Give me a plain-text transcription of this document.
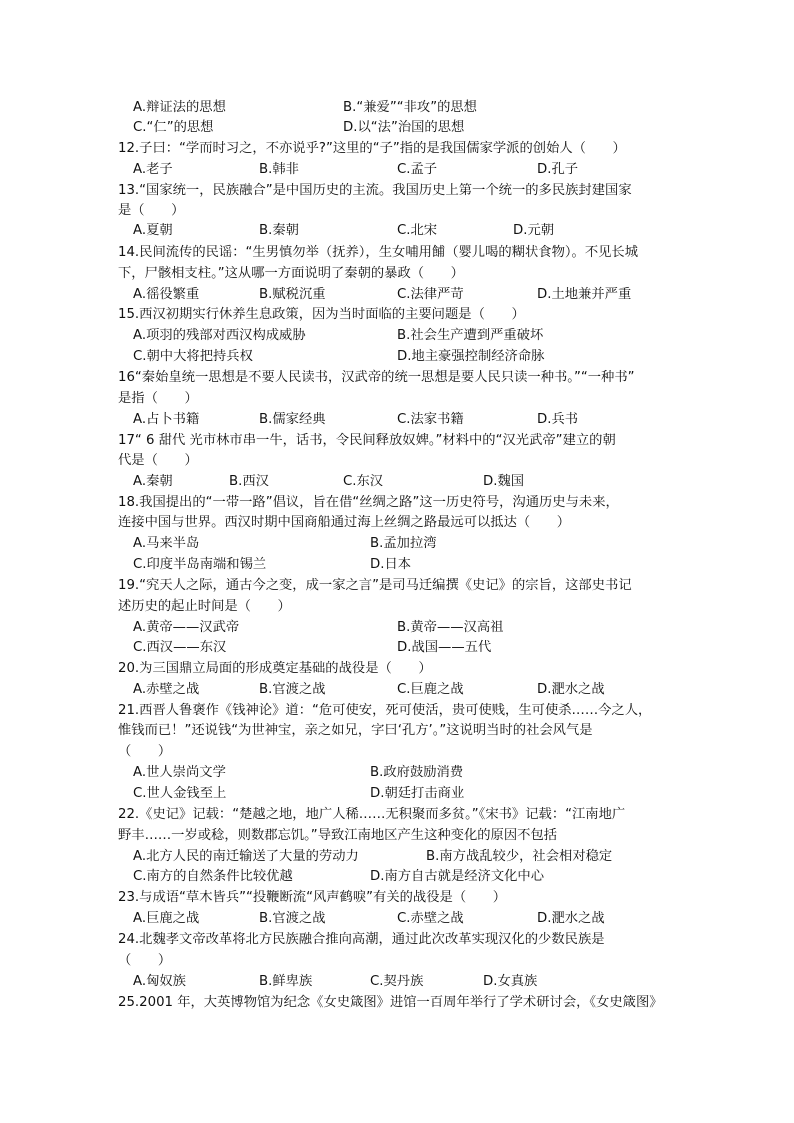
A.辩证法的思想	B.“兼爱”“非攻”的思想
C.“仁”的思想	D.以“法”治国的思想
12.子曰：“学而时习之，不亦说乎?”这里的“子”指的是我国儒家学派的创始人（　　）
A.老子	B.韩非	C.孟子	D.孔子
13.“国家统一，民族融合”是中国历史的主流。我国历史上第一个统一的多民族封建国家
是（　　）
A.夏朝	B.秦朝	C.北宋	D.元朝
14.民间流传的民谣：“生男慎勿举（抚养），生女哺用餔（婴儿喝的糊状食物）。不见长城
下，尸骸相支柱。”这从哪一方面说明了秦朝的暴政（　　）
A.徭役繁重	B.赋税沉重	C.法律严苛	D.土地兼并严重
15.西汉初期实行休养生息政策，因为当时面临的主要问题是（　　）
A.项羽的残部对西汉构成威胁	B.社会生产遭到严重破坏
C.朝中大将把持兵权	D.地主豪强控制经济命脉
16“秦始皇统一思想是不要人民读书，汉武帝的统一思想是要人民只读一种书。”“一种书”
是指（　　）
A.占卜书籍	B.儒家经典	C.法家书籍	D.兵书
17“ 6 甜代 光市林市串一牛，话书，令民间释放奴婢。”材料中的“汉光武帝”建立的朝
代是（　　）
A.秦朝	B.西汉	C.东汉	D.魏国
18.我国提出的“一带一路”倡议，旨在借“丝绸之路”这一历史符号，沟通历史与未来，
连接中国与世界。西汉时期中国商船通过海上丝绸之路最远可以抵达（　　）
A.马来半岛	B.孟加拉湾
C.印度半岛南端和锡兰	D.日本
19.“究天人之际，通古今之变，成一家之言”是司马迁编撰《史记》的宗旨，这部史书记
述历史的起止时间是（　　）
A.黄帝——汉武帝	B.黄帝——汉高祖
C.西汉——东汉	D.战国——五代
20.为三国鼎立局面的形成奠定基础的战役是（　　）
A.赤壁之战	B.官渡之战	C.巨鹿之战	D.淝水之战
21.西晋人鲁褒作《钱神论》道：“危可使安，死可使活，贵可使贱，生可使杀……今之人，
惟钱而已！”还说钱“为世神宝，亲之如兄，字曰‘孔方’。”这说明当时的社会风气是
（　　）
A.世人崇尚文学	B.政府鼓励消费
C.世人金钱至上	D.朝廷打击商业
22.《史记》记载：“楚越之地，地广人稀……无积聚而多贫。”《宋书》记载：“江南地广
野丰……一岁或稔，则数郡忘饥。”导致江南地区产生这种变化的原因不包括
A.北方人民的南迁输送了大量的劳动力	B.南方战乱较少，社会相对稳定
C.南方的自然条件比较优越	D.南方自古就是经济文化中心
23.与成语“草木皆兵”“投鞭断流“风声鹤唳”有关的战役是（　　）
A.巨鹿之战	B.官渡之战	C.赤壁之战	D.淝水之战
24.北魏孝文帝改革将北方民族融合推向高潮，通过此次改革实现汉化的少数民族是
（　　）
A.匈奴族	B.鲜卑族	C.契丹族	D.女真族
25.2001 年，大英博物馆为纪念《女史箴图》进馆一百周年举行了学术研讨会，《女史箴图》
